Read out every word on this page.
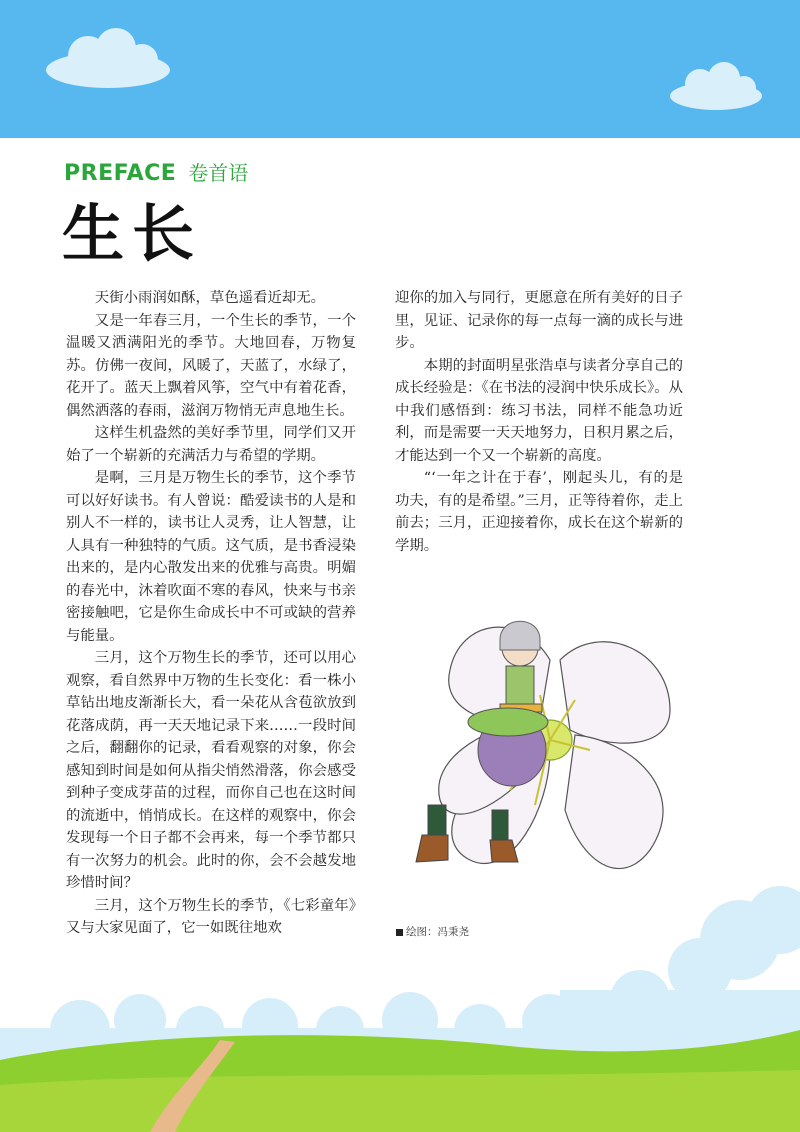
PREFACE 卷首语
生长

天街小雨润如酥，草色遥看近却无。

又是一年春三月，一个生长的季节，一个温暖又洒满阳光的季节。大地回春，万物复苏。仿佛一夜间，风暖了，天蓝了，水绿了，花开了。蓝天上飘着风筝，空气中有着花香，偶然洒落的春雨，滋润万物悄无声息地生长。

这样生机盎然的美好季节里，同学们又开始了一个崭新的充满活力与希望的学期。

是啊，三月是万物生长的季节，这个季节可以好好读书。有人曾说：酷爱读书的人是和别人不一样的，读书让人灵秀，让人智慧，让人具有一种独特的气质。这气质，是书香浸染出来的，是内心散发出来的优雅与高贵。明媚的春光中，沐着吹面不寒的春风，快来与书亲密接触吧，它是你生命成长中不可或缺的营养与能量。

三月，这个万物生长的季节，还可以用心观察，看自然界中万物的生长变化：看一株小草钻出地皮渐渐长大，看一朵花从含苞欲放到花落成荫，再一天天地记录下来……一段时间之后，翻翻你的记录，看看观察的对象，你会感知到时间是如何从指尖悄然滑落，你会感受到种子变成芽苗的过程，而你自己也在这时间的流逝中，悄悄成长。在这样的观察中，你会发现每一个日子都不会再来，每一个季节都只有一次努力的机会。此时的你，会不会越发地珍惜时间？

三月，这个万物生长的季节，《七彩童年》又与大家见面了，它一如既往地欢

迎你的加入与同行，更愿意在所有美好的日子里，见证、记录你的每一点每一滴的成长与进步。

本期的封面明星张浩卓与读者分享自己的成长经验是：《在书法的浸润中快乐成长》。从中我们感悟到：练习书法，同样不能急功近利，而是需要一天天地努力，日积月累之后，才能达到一个又一个崭新的高度。

“‘一年之计在于春’，刚起头儿，有的是功夫，有的是希望。”三月，正等待着你，走上前去；三月，正迎接着你，成长在这个崭新的学期。

绘图：冯秉尧
